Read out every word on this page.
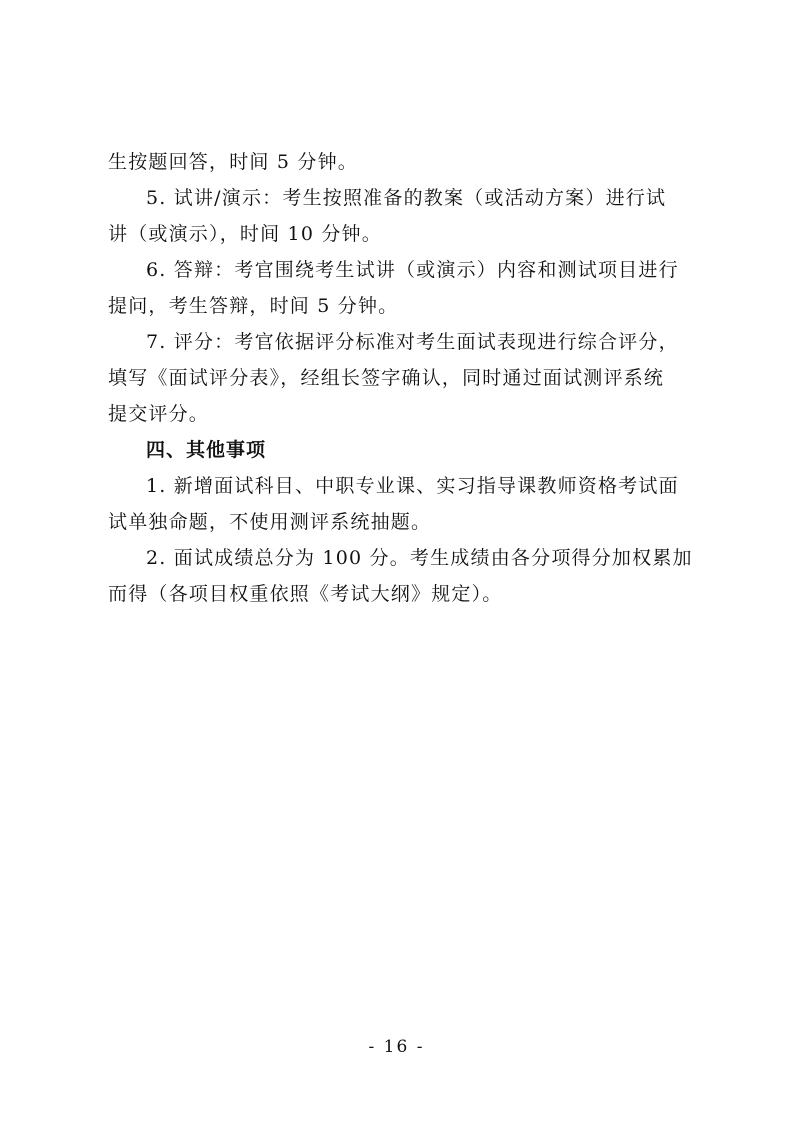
生按题回答，时间 5 分钟。
5. 试讲/演示：考生按照准备的教案（或活动方案）进行试
讲（或演示），时间 10 分钟。
6. 答辩：考官围绕考生试讲（或演示）内容和测试项目进行
提问，考生答辩，时间 5 分钟。
7. 评分：考官依据评分标准对考生面试表现进行综合评分，
填写《面试评分表》，经组长签字确认，同时通过面试测评系统
提交评分。
四、其他事项
1. 新增面试科目、中职专业课、实习指导课教师资格考试面
试单独命题，不使用测评系统抽题。
2. 面试成绩总分为 100 分。考生成绩由各分项得分加权累加
而得（各项目权重依照《考试大纲》规定）。
- 16 -
